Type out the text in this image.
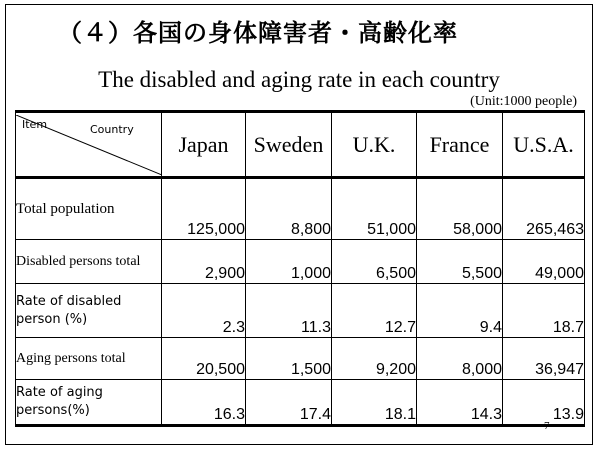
（４）各国の身体障害者・高齢化率
The disabled and aging rate in each country
(Unit:1000 people)
7
Item Country	Japan	Sweden	U.K.	France	U.S.A.
Total population	125,000	8,800	51,000	58,000	265,463
Disabled persons total	2,900	1,000	6,500	5,500	49,000

Rate of disabled
person (%)	2.3	11.3	12.7	9.4	18.7
Aging persons total	20,500	1,500	9,200	8,000	36,947

Rate of aging
persons(%)	16.3	17.4	18.1	14.3	13.9
